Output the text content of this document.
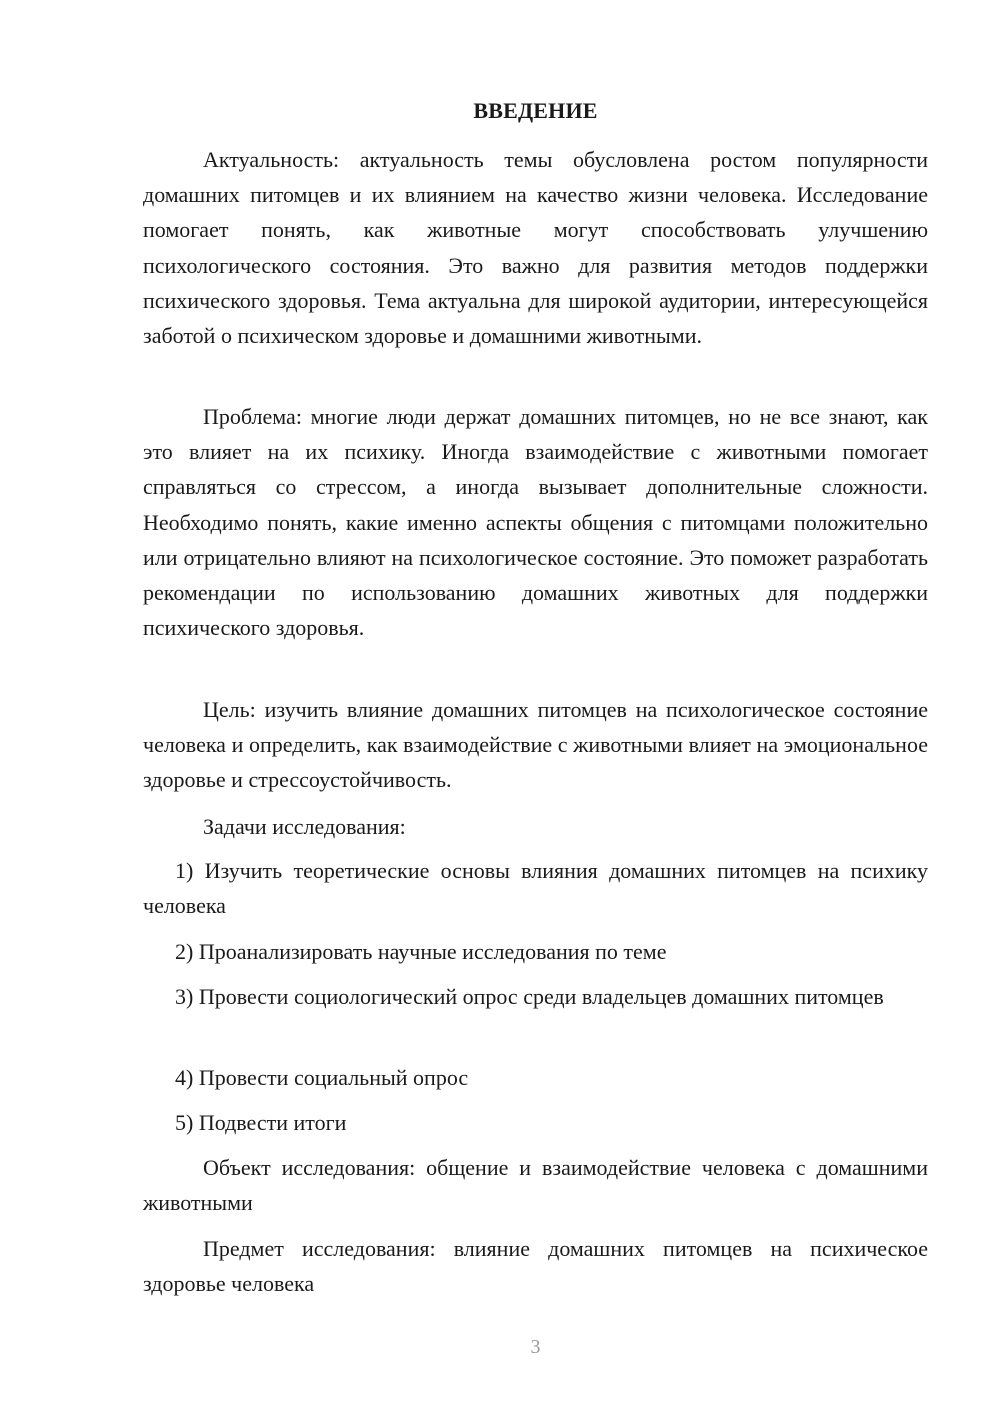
ВВЕДЕНИЕ
Актуальность: актуальность темы обусловлена ростом популярности домашних питомцев и их влиянием на качество жизни человека. Исследование помогает понять, как животные могут способствовать улучшению психологического состояния. Это важно для развития методов поддержки психического здоровья. Тема актуальна для широкой аудитории, интересующейся заботой о психическом здоровье и домашними животными.
Проблема: многие люди держат домашних питомцев, но не все знают, как это влияет на их психику. Иногда взаимодействие с животными помогает справляться со стрессом, а иногда вызывает дополнительные сложности. Необходимо понять, какие именно аспекты общения с питомцами положительно или отрицательно влияют на психологическое состояние. Это поможет разработать рекомендации по использованию домашних животных для поддержки психического здоровья.
Цель: изучить влияние домашних питомцев на психологическое состояние человека и определить, как взаимодействие с животными влияет на эмоциональное здоровье и стрессоустойчивость.
Задачи исследования:
1) Изучить теоретические основы влияния домашних питомцев на психику человека
2) Проанализировать научные исследования по теме
3) Провести социологический опрос среди владельцев домашних питомцев
4) Провести социальный опрос
5) Подвести итоги
Объект исследования: общение и взаимодействие человека с домашними животными
Предмет исследования: влияние домашних питомцев на психическое здоровье человека
3
